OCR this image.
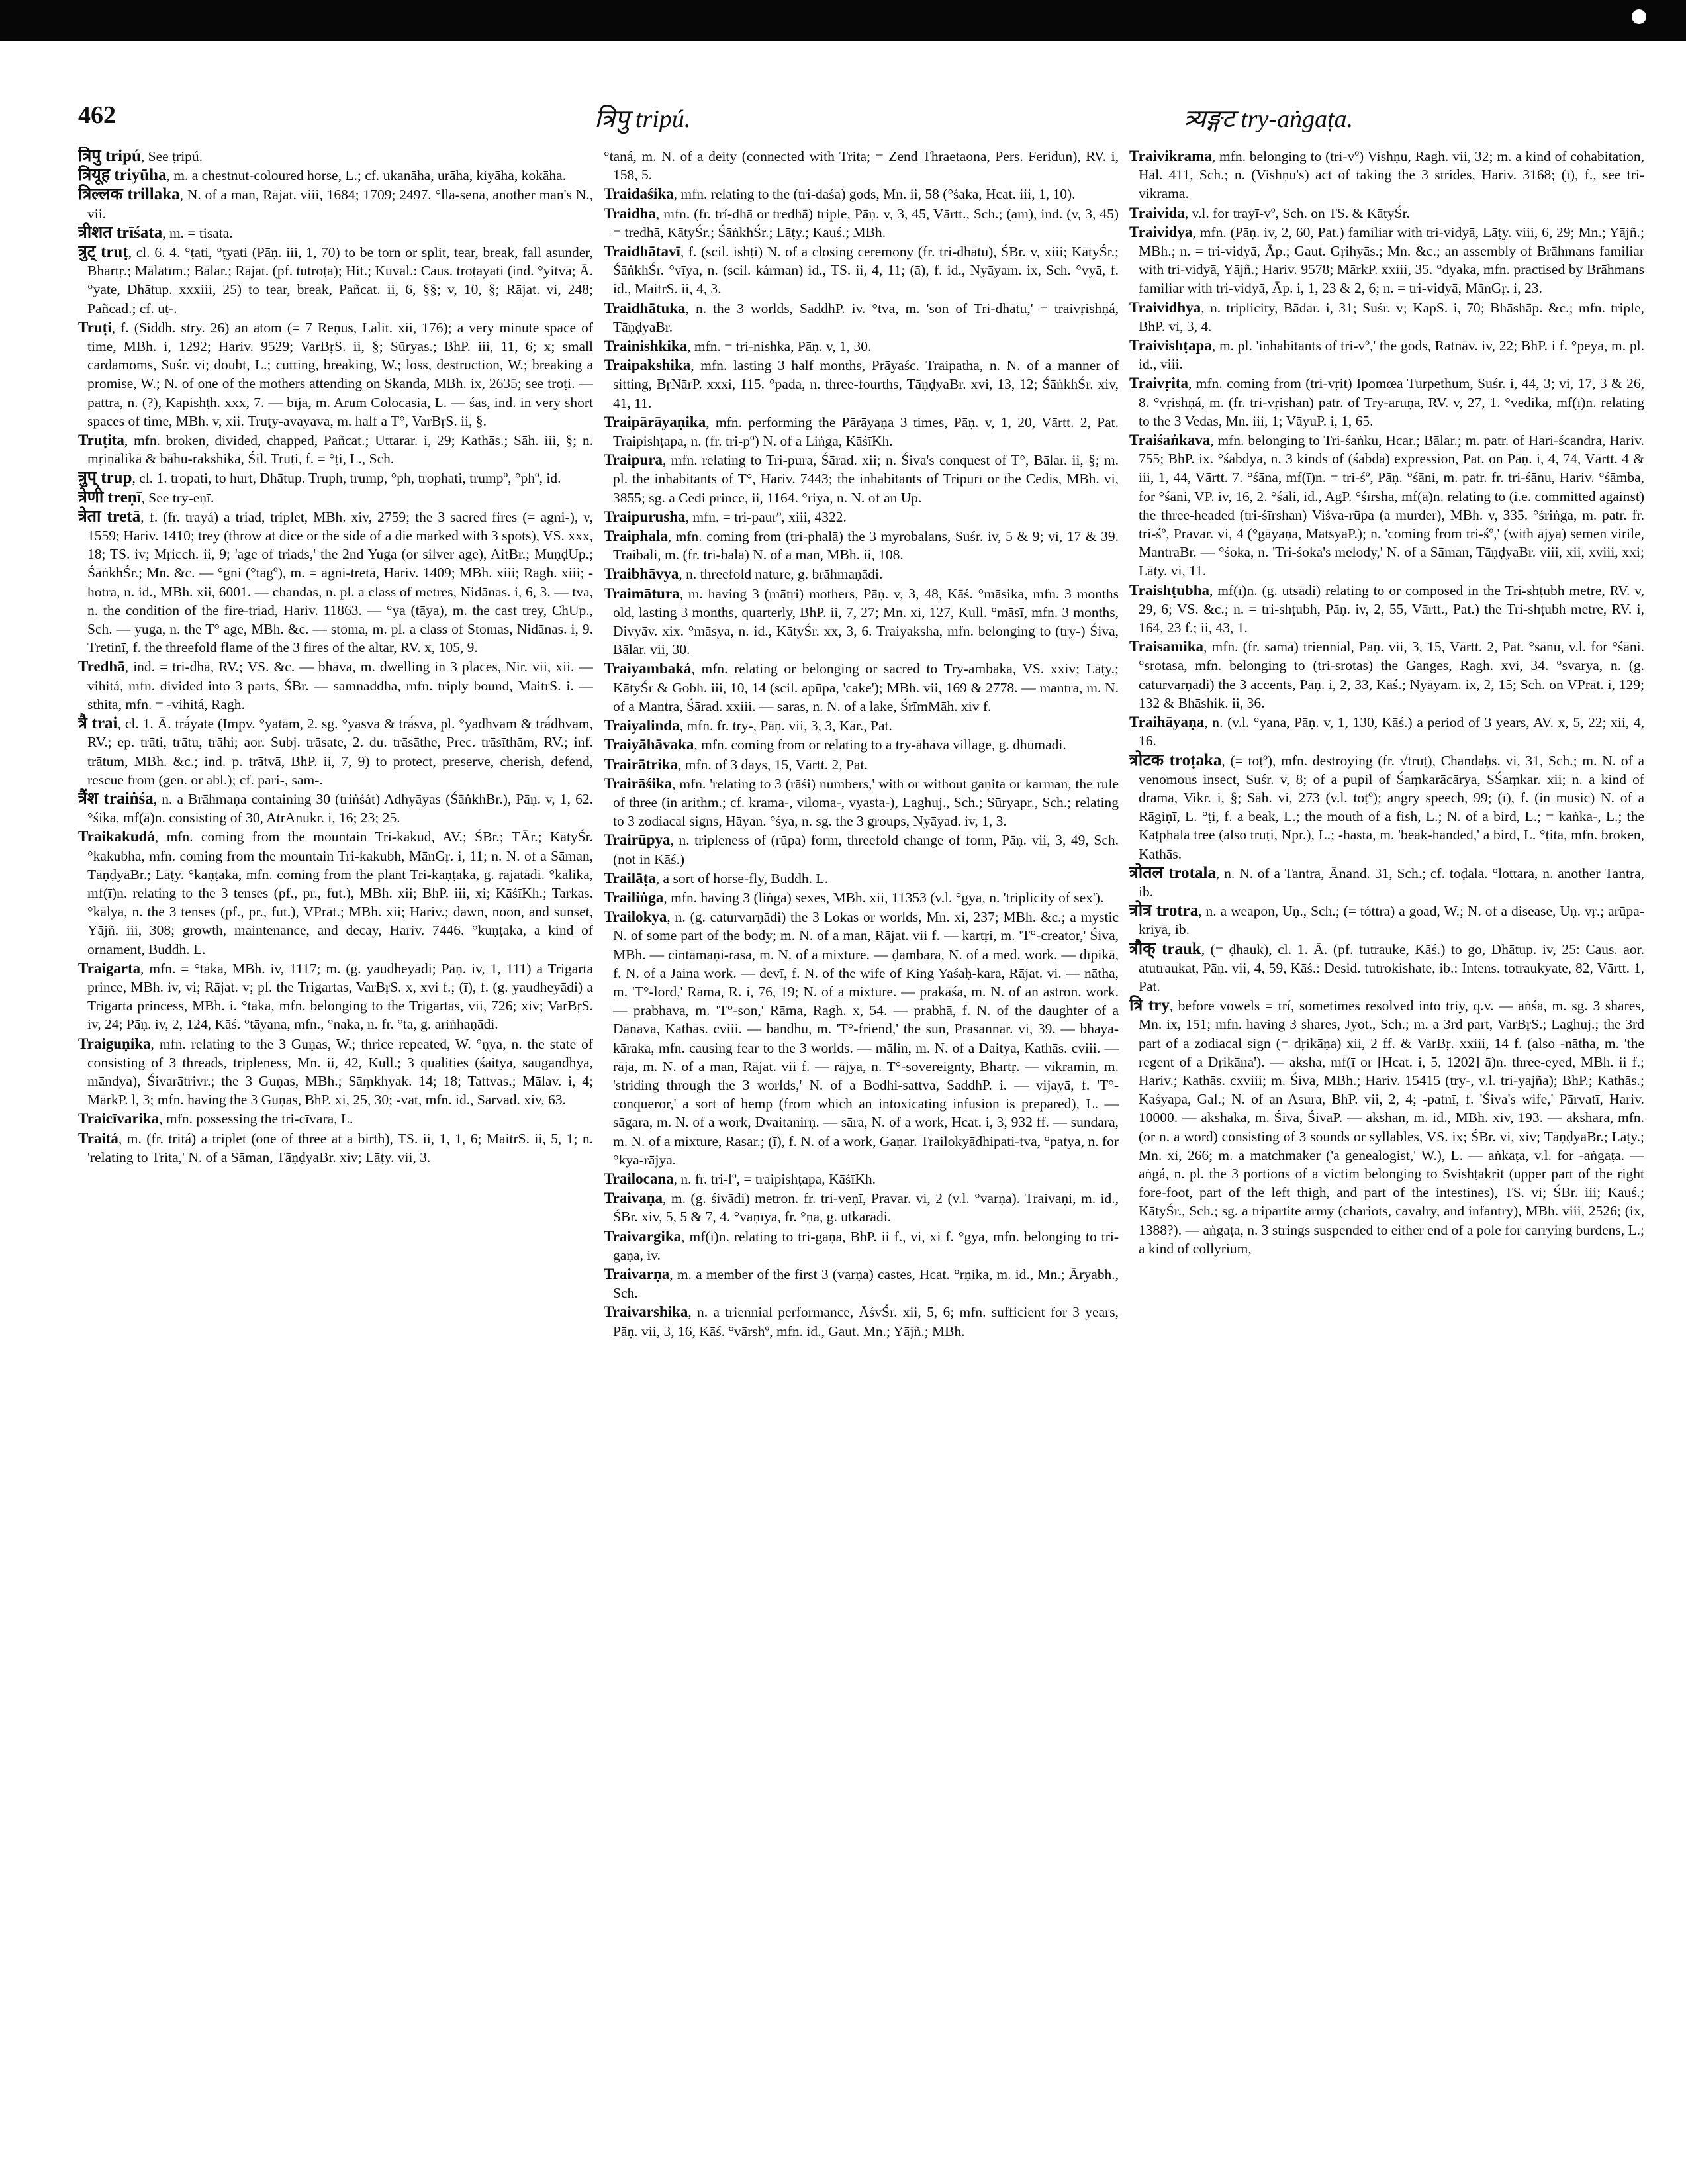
462	त्रिपु tripú.	त्र्यङ्गट try-aṅgaṭa.

त्रिपु tripú, See ṭripú.

त्रियूह triyūha, m. a chestnut-coloured horse, L.; cf. ukanāha, urāha, kiyāha, kokāha.

त्रिल्लक trillaka, N. of a man, Rājat. viii, 1684; 1709; 2497. °lla-sena, another man's N., vii.

त्रीशत trīśata, m. = tisata.

त्रुट् truṭ, cl. 6. 4. °ṭati, °ṭyati (Pāṇ. iii, 1, 70) to be torn or split, tear, break, fall asunder, Bhartṛ.; Mālatīm.; Bālar.; Rājat. (pf. tutroṭa); Hit.; Kuval.: Caus. troṭayati (ind. °yitvā; Ā. °yate, Dhātup. xxxiii, 25) to tear, break, Pañcat. ii, 6, §§; v, 10, §; Rājat. vi, 248; Pañcad.; cf. uṭ-.

Truṭi, f. (Siddh. stry. 26) an atom (= 7 Reṇus, Lalit. xii, 176); a very minute space of time, MBh. i, 1292; Hariv. 9529; VarBṛS. ii, §; Sūryas.; BhP. iii, 11, 6; x; small cardamoms, Suśr. vi; doubt, L.; cutting, breaking, W.; loss, destruction, W.; breaking a promise, W.; N. of one of the mothers attending on Skanda, MBh. ix, 2635; see troṭi. — pattra, n. (?), Kapishṭh. xxx, 7. — bīja, m. Arum Colocasia, L. — śas, ind. in very short spaces of time, MBh. v, xii. Truṭy-avayava, m. half a T°, VarBṛS. ii, §.

Truṭita, mfn. broken, divided, chapped, Pañcat.; Uttarar. i, 29; Kathās.; Sāh. iii, §; n. mṛiṇālikā & bāhu-rakshikā, Śil. Truṭi, f. = °ṭi, L., Sch.

त्रुप् trup, cl. 1. tropati, to hurt, Dhātup. Truph, trump, °ph, trophati, trumpº, °phº, id.

त्रेणी treṇī, See try-eṇī.

त्रेता tretā, f. (fr. trayá) a triad, triplet, MBh. xiv, 2759; the 3 sacred fires (= agni-), v, 1559; Hariv. 1410; trey (throw at dice or the side of a die marked with 3 spots), VS. xxx, 18; TS. iv; Mṛicch. ii, 9; 'age of triads,' the 2nd Yuga (or silver age), AitBr.; MuṇḍUp.; ŚāṅkhŚr.; Mn. &c. — °gni (°tāgº), m. = agni-tretā, Hariv. 1409; MBh. xiii; Ragh. xiii; -hotra, n. id., MBh. xii, 6001. — chandas, n. pl. a class of metres, Nidānas. i, 6, 3. — tva, n. the condition of the fire-triad, Hariv. 11863. — °ya (tāya), m. the cast trey, ChUp., Sch. — yuga, n. the T° age, MBh. &c. — stoma, m. pl. a class of Stomas, Nidānas. i, 9. Tretinī, f. the threefold flame of the 3 fires of the altar, RV. x, 105, 9.

Tredhā, ind. = tri-dhā, RV.; VS. &c. — bhāva, m. dwelling in 3 places, Nir. vii, xii. — vihitá, mfn. divided into 3 parts, ŚBr. — samnaddha, mfn. triply bound, MaitrS. i. — sthita, mfn. = -vihitá, Ragh.

त्रै trai, cl. 1. Ā. trā́yate (Impv. °yatām, 2. sg. °yasva & trā́sva, pl. °yadhvam & trā́dhvam, RV.; ep. trāti, trātu, trāhi; aor. Subj. trāsate, 2. du. trāsāthe, Prec. trāsīthām, RV.; inf. trātum, MBh. &c.; ind. p. trātvā, BhP. ii, 7, 9) to protect, preserve, cherish, defend, rescue from (gen. or abl.); cf. pari-, sam-.

त्रैंश traiṅśa, n. a Brāhmaṇa containing 30 (triṅśát) Adhyāyas (ŚāṅkhBr.), Pāṇ. v, 1, 62. °śika, mf(ā)n. consisting of 30, AtrAnukr. i, 16; 23; 25.

Traikakudá, mfn. coming from the mountain Tri-kakud, AV.; ŚBr.; TĀr.; KātyŚr. °kakubha, mfn. coming from the mountain Tri-kakubh, MānGṛ. i, 11; n. N. of a Sāman, TāṇḍyaBr.; Lāṭy. °kaṇṭaka, mfn. coming from the plant Tri-kaṇṭaka, g. rajatādi. °kālika, mf(ī)n. relating to the 3 tenses (pf., pr., fut.), MBh. xii; BhP. iii, xi; KāśīKh.; Tarkas. °kālya, n. the 3 tenses (pf., pr., fut.), VPrāt.; MBh. xii; Hariv.; dawn, noon, and sunset, Yājñ. iii, 308; growth, maintenance, and decay, Hariv. 7446. °kuṇṭaka, a kind of ornament, Buddh. L.

Traigarta, mfn. = °taka, MBh. iv, 1117; m. (g. yaudheyādi; Pāṇ. iv, 1, 111) a Trigarta prince, MBh. iv, vi; Rājat. v; pl. the Trigartas, VarBṛS. x, xvi f.; (ī), f. (g. yaudheyādi) a Trigarta princess, MBh. i. °taka, mfn. belonging to the Trigartas, vii, 726; xiv; VarBṛS. iv, 24; Pāṇ. iv, 2, 124, Kāś. °tāyana, mfn., °naka, n. fr. °ta, g. ariṅhaṇādi.

Traiguṇika, mfn. relating to the 3 Guṇas, W.; thrice repeated, W. °ṇya, n. the state of consisting of 3 threads, tripleness, Mn. ii, 42, Kull.; 3 qualities (śaitya, saugandhya, māndya), Śivarātrivr.; the 3 Guṇas, MBh.; Sāṃkhyak. 14; 18; Tattvas.; Mālav. i, 4; MārkP. l, 3; mfn. having the 3 Guṇas, BhP. xi, 25, 30; -vat, mfn. id., Sarvad. xiv, 63.

Traicīvarika, mfn. possessing the tri-cīvara, L.

Traitá, m. (fr. tritá) a triplet (one of three at a birth), TS. ii, 1, 1, 6; MaitrS. ii, 5, 1; n. 'relating to Trita,' N. of a Sāman, TāṇḍyaBr. xiv; Lāṭy. vii, 3.

°taná, m. N. of a deity (connected with Trita; = Zend Thraetaona, Pers. Feridun), RV. i, 158, 5.

Traidaśika, mfn. relating to the (tri-daśa) gods, Mn. ii, 58 (°śaka, Hcat. iii, 1, 10).

Traidha, mfn. (fr. trí-dhā or tredhā) triple, Pāṇ. v, 3, 45, Vārtt., Sch.; (am), ind. (v, 3, 45) = tredhā, KātyŚr.; ŚāṅkhŚr.; Lāṭy.; Kauś.; MBh.

Traidhātavī, f. (scil. ishṭi) N. of a closing ceremony (fr. tri-dhātu), ŚBr. v, xiii; KātyŚr.; ŚāṅkhŚr. °vīya, n. (scil. kárman) id., TS. ii, 4, 11; (ā), f. id., Nyāyam. ix, Sch. °vyā, f. id., MaitrS. ii, 4, 3.

Traidhātuka, n. the 3 worlds, SaddhP. iv. °tva, m. 'son of Tri-dhātu,' = traivṛishṇá, TāṇḍyaBr.

Trainishkika, mfn. = tri-nishka, Pāṇ. v, 1, 30.

Traipakshika, mfn. lasting 3 half months, Prāyaśc. Traipatha, n. N. of a manner of sitting, BṛNārP. xxxi, 115. °pada, n. three-fourths, TāṇḍyaBr. xvi, 13, 12; ŚāṅkhŚr. xiv, 41, 11.

Traipārāyaṇika, mfn. performing the Pārāyaṇa 3 times, Pāṇ. v, 1, 20, Vārtt. 2, Pat. Traipishṭapa, n. (fr. tri-pº) N. of a Liṅga, KāśīKh.

Traipura, mfn. relating to Tri-pura, Śārad. xii; n. Śiva's conquest of T°, Bālar. ii, §; m. pl. the inhabitants of T°, Hariv. 7443; the inhabitants of Tripurī or the Cedis, MBh. vi, 3855; sg. a Cedi prince, ii, 1164. °riya, n. N. of an Up.

Traipurusha, mfn. = tri-paurº, xiii, 4322.

Traiphala, mfn. coming from (tri-phalā) the 3 myrobalans, Suśr. iv, 5 & 9; vi, 17 & 39. Traibali, m. (fr. tri-bala) N. of a man, MBh. ii, 108.

Traibhāvya, n. threefold nature, g. brāhmaṇādi.

Traimātura, m. having 3 (mātṛi) mothers, Pāṇ. v, 3, 48, Kāś. °māsika, mfn. 3 months old, lasting 3 months, quarterly, BhP. ii, 7, 27; Mn. xi, 127, Kull. °māsī, mfn. 3 months, Divyāv. xix. °māsya, n. id., KātyŚr. xx, 3, 6. Traiyaksha, mfn. belonging to (try-) Śiva, Bālar. vii, 30.

Traiyambaká, mfn. relating or belonging or sacred to Try-ambaka, VS. xxiv; Lāṭy.; KātyŚr & Gobh. iii, 10, 14 (scil. apūpa, 'cake'); MBh. vii, 169 & 2778. — mantra, m. N. of a Mantra, Śārad. xxiii. — saras, n. N. of a lake, ŚrīmMāh. xiv f.

Traiyalinda, mfn. fr. try-, Pāṇ. vii, 3, 3, Kār., Pat.

Traiyāhāvaka, mfn. coming from or relating to a try-āhāva village, g. dhūmādi.

Trairātrika, mfn. of 3 days, 15, Vārtt. 2, Pat.

Trairāśika, mfn. 'relating to 3 (rāśi) numbers,' with or without gaṇita or karman, the rule of three (in arithm.; cf. krama-, viloma-, vyasta-), Laghuj., Sch.; Sūryapr., Sch.; relating to 3 zodiacal signs, Hāyan. °śya, n. sg. the 3 groups, Nyāyad. iv, 1, 3.

Trairūpya, n. tripleness of (rūpa) form, threefold change of form, Pāṇ. vii, 3, 49, Sch. (not in Kāś.)

Trailāṭa, a sort of horse-fly, Buddh. L.

Trailiṅga, mfn. having 3 (liṅga) sexes, MBh. xii, 11353 (v.l. °gya, n. 'triplicity of sex').

Trailokya, n. (g. caturvarṇādi) the 3 Lokas or worlds, Mn. xi, 237; MBh. &c.; a mystic N. of some part of the body; m. N. of a man, Rājat. vii f. — kartṛi, m. 'T°-creator,' Śiva, MBh. — cintāmaṇi-rasa, m. N. of a mixture. — ḍambara, N. of a med. work. — dīpikā, f. N. of a Jaina work. — devī, f. N. of the wife of King Yaśaḥ-kara, Rājat. vi. — nātha, m. 'T°-lord,' Rāma, R. i, 76, 19; N. of a mixture. — prakāśa, m. N. of an astron. work. — prabhava, m. 'T°-son,' Rāma, Ragh. x, 54. — prabhā, f. N. of the daughter of a Dānava, Kathās. cviii. — bandhu, m. 'T°-friend,' the sun, Prasannar. vi, 39. — bhaya-kāraka, mfn. causing fear to the 3 worlds. — mālin, m. N. of a Daitya, Kathās. cviii. — rāja, m. N. of a man, Rājat. vii f. — rājya, n. T°-sovereignty, Bhartṛ. — vikramin, m. 'striding through the 3 worlds,' N. of a Bodhi-sattva, SaddhP. i. — vijayā, f. 'T°-conqueror,' a sort of hemp (from which an intoxicating infusion is prepared), L. — sāgara, m. N. of a work, Dvaitanirṇ. — sāra, N. of a work, Hcat. i, 3, 932 ff. — sundara, m. N. of a mixture, Rasar.; (ī), f. N. of a work, Gaṇar. Trailokyādhipati-tva, °patya, n. for °kya-rājya.

Trailocana, n. fr. tri-lº, = traipishṭapa, KāśīKh.

Traivaṇa, m. (g. śivādi) metron. fr. tri-veṇī, Pravar. vi, 2 (v.l. °varṇa). Traivaṇi, m. id., ŚBr. xiv, 5, 5 & 7, 4. °vaṇīya, fr. °ṇa, g. utkarādi.

Traivargika, mf(ī)n. relating to tri-gaṇa, BhP. ii f., vi, xi f. °gya, mfn. belonging to tri-gaṇa, iv.

Traivarṇa, m. a member of the first 3 (varṇa) castes, Hcat. °rṇika, m. id., Mn.; Āryabh., Sch.

Traivarshika, n. a triennial performance, ĀśvŚr. xii, 5, 6; mfn. sufficient for 3 years, Pāṇ. vii, 3, 16, Kāś. °vārshº, mfn. id., Gaut. Mn.; Yājñ.; MBh.

Traivikrama, mfn. belonging to (tri-vº) Vishṇu, Ragh. vii, 32; m. a kind of cohabitation, Hāl. 411, Sch.; n. (Vishṇu's) act of taking the 3 strides, Hariv. 3168; (ī), f., see tri-vikrama.

Traivida, v.l. for trayī-vº, Sch. on TS. & KātyŚr.

Traividya, mfn. (Pāṇ. iv, 2, 60, Pat.) familiar with tri-vidyā, Lāṭy. viii, 6, 29; Mn.; Yājñ.; MBh.; n. = tri-vidyā, Āp.; Gaut. Gṛihyās.; Mn. &c.; an assembly of Brāhmans familiar with tri-vidyā, Yājñ.; Hariv. 9578; MārkP. xxiii, 35. °dyaka, mfn. practised by Brāhmans familiar with tri-vidyā, Āp. i, 1, 23 & 2, 6; n. = tri-vidyā, MānGṛ. i, 23.

Traividhya, n. triplicity, Bādar. i, 31; Suśr. v; KapS. i, 70; Bhāshāp. &c.; mfn. triple, BhP. vi, 3, 4.

Traivishṭapa, m. pl. 'inhabitants of tri-vº,' the gods, Ratnāv. iv, 22; BhP. i f. °peya, m. pl. id., viii.

Traivṛita, mfn. coming from (tri-vṛit) Ipomœa Turpethum, Suśr. i, 44, 3; vi, 17, 3 & 26, 8. °vṛishṇá, m. (fr. tri-vṛishan) patr. of Try-aruṇa, RV. v, 27, 1. °vedika, mf(ī)n. relating to the 3 Vedas, Mn. iii, 1; VāyuP. i, 1, 65.

Traiśaṅkava, mfn. belonging to Tri-śaṅku, Hcar.; Bālar.; m. patr. of Hari-ścandra, Hariv. 755; BhP. ix. °śabdya, n. 3 kinds of (śabda) expression, Pat. on Pāṇ. i, 4, 74, Vārtt. 4 & iii, 1, 44, Vārtt. 7. °śāna, mf(ī)n. = tri-śº, Pāṇ. °śāni, m. patr. fr. tri-śānu, Hariv. °śāmba, for °śāni, VP. iv, 16, 2. °śāli, id., AgP. °śīrsha, mf(ā)n. relating to (i.e. committed against) the three-headed (tri-śīrshan) Viśva-rūpa (a murder), MBh. v, 335. °śriṅga, m. patr. fr. tri-śº, Pravar. vi, 4 (°gāyaṇa, MatsyaP.); n. 'coming from tri-śº,' (with ājya) semen virile, MantraBr. — °śoka, n. 'Tri-śoka's melody,' N. of a Sāman, TāṇḍyaBr. viii, xii, xviii, xxi; Lāṭy. vi, 11.

Traishṭubha, mf(ī)n. (g. utsādi) relating to or composed in the Tri-shṭubh metre, RV. v, 29, 6; VS. &c.; n. = tri-shṭubh, Pāṇ. iv, 2, 55, Vārtt., Pat.) the Tri-shṭubh metre, RV. i, 164, 23 f.; ii, 43, 1.

Traisamika, mfn. (fr. samā) triennial, Pāṇ. vii, 3, 15, Vārtt. 2, Pat. °sānu, v.l. for °śāni. °srotasa, mfn. belonging to (tri-srotas) the Ganges, Ragh. xvi, 34. °svarya, n. (g. caturvarṇādi) the 3 accents, Pāṇ. i, 2, 33, Kāś.; Nyāyam. ix, 2, 15; Sch. on VPrāt. i, 129; 132 & Bhāshik. ii, 36.

Traihāyaṇa, n. (v.l. °yana, Pāṇ. v, 1, 130, Kāś.) a period of 3 years, AV. x, 5, 22; xii, 4, 16.

त्रोटक troṭaka, (= toṭº), mfn. destroying (fr. √truṭ), Chandaḥs. vi, 31, Sch.; m. N. of a venomous insect, Suśr. v, 8; of a pupil of Śaṃkarācārya, SŚaṃkar. xii; n. a kind of drama, Vikr. i, §; Sāh. vi, 273 (v.l. toṭº); angry speech, 99; (ī), f. (in music) N. of a Rāgiṇī, L. °ṭi, f. a beak, L.; the mouth of a fish, L.; N. of a bird, L.; = kaṅka-, L.; the Kaṭphala tree (also truṭi, Npr.), L.; -hasta, m. 'beak-handed,' a bird, L. °ṭita, mfn. broken, Kathās.

त्रोतल trotala, n. N. of a Tantra, Ānand. 31, Sch.; cf. toḍala. °lottara, n. another Tantra, ib.

त्रोत्र trotra, n. a weapon, Uṇ., Sch.; (= tóttra) a goad, W.; N. of a disease, Uṇ. vṛ.; arūpa-kriyā, ib.

त्रौक् trauk, (= ḍhauk), cl. 1. Ā. (pf. tutrauke, Kāś.) to go, Dhātup. iv, 25: Caus. aor. atutraukat, Pāṇ. vii, 4, 59, Kāś.: Desid. tutrokishate, ib.: Intens. totraukyate, 82, Vārtt. 1, Pat.

त्रि try, before vowels = trí, sometimes resolved into triy, q.v. — aṅśa, m. sg. 3 shares, Mn. ix, 151; mfn. having 3 shares, Jyot., Sch.; m. a 3rd part, VarBṛS.; Laghuj.; the 3rd part of a zodiacal sign (= dṛikāṇa) xii, 2 ff. & VarBṛ. xxiii, 14 f. (also -nātha, m. 'the regent of a Dṛikāṇa'). — aksha, mf(ī or [Hcat. i, 5, 1202] ā)n. three-eyed, MBh. ii f.; Hariv.; Kathās. cxviii; m. Śiva, MBh.; Hariv. 15415 (try-, v.l. tri-yajña); BhP.; Kathās.; Kaśyapa, Gal.; N. of an Asura, BhP. vii, 2, 4; -patnī, f. 'Śiva's wife,' Pārvatī, Hariv. 10000. — akshaka, m. Śiva, ŚivaP. — akshan, m. id., MBh. xiv, 193. — akshara, mfn. (or n. a word) consisting of 3 sounds or syllables, VS. ix; ŚBr. vi, xiv; TāṇḍyaBr.; Lāṭy.; Mn. xi, 266; m. a matchmaker ('a genealogist,' W.), L. — aṅkaṭa, v.l. for -aṅgaṭa. — aṅgá, n. pl. the 3 portions of a victim belonging to Svishṭakṛit (upper part of the right fore-foot, part of the left thigh, and part of the intestines), TS. vi; ŚBr. iii; Kauś.; KātyŚr., Sch.; sg. a tripartite army (chariots, cavalry, and infantry), MBh. viii, 2526; (ix, 1388?). — aṅgaṭa, n. 3 strings suspended to either end of a pole for carrying burdens, L.; a kind of collyrium,
